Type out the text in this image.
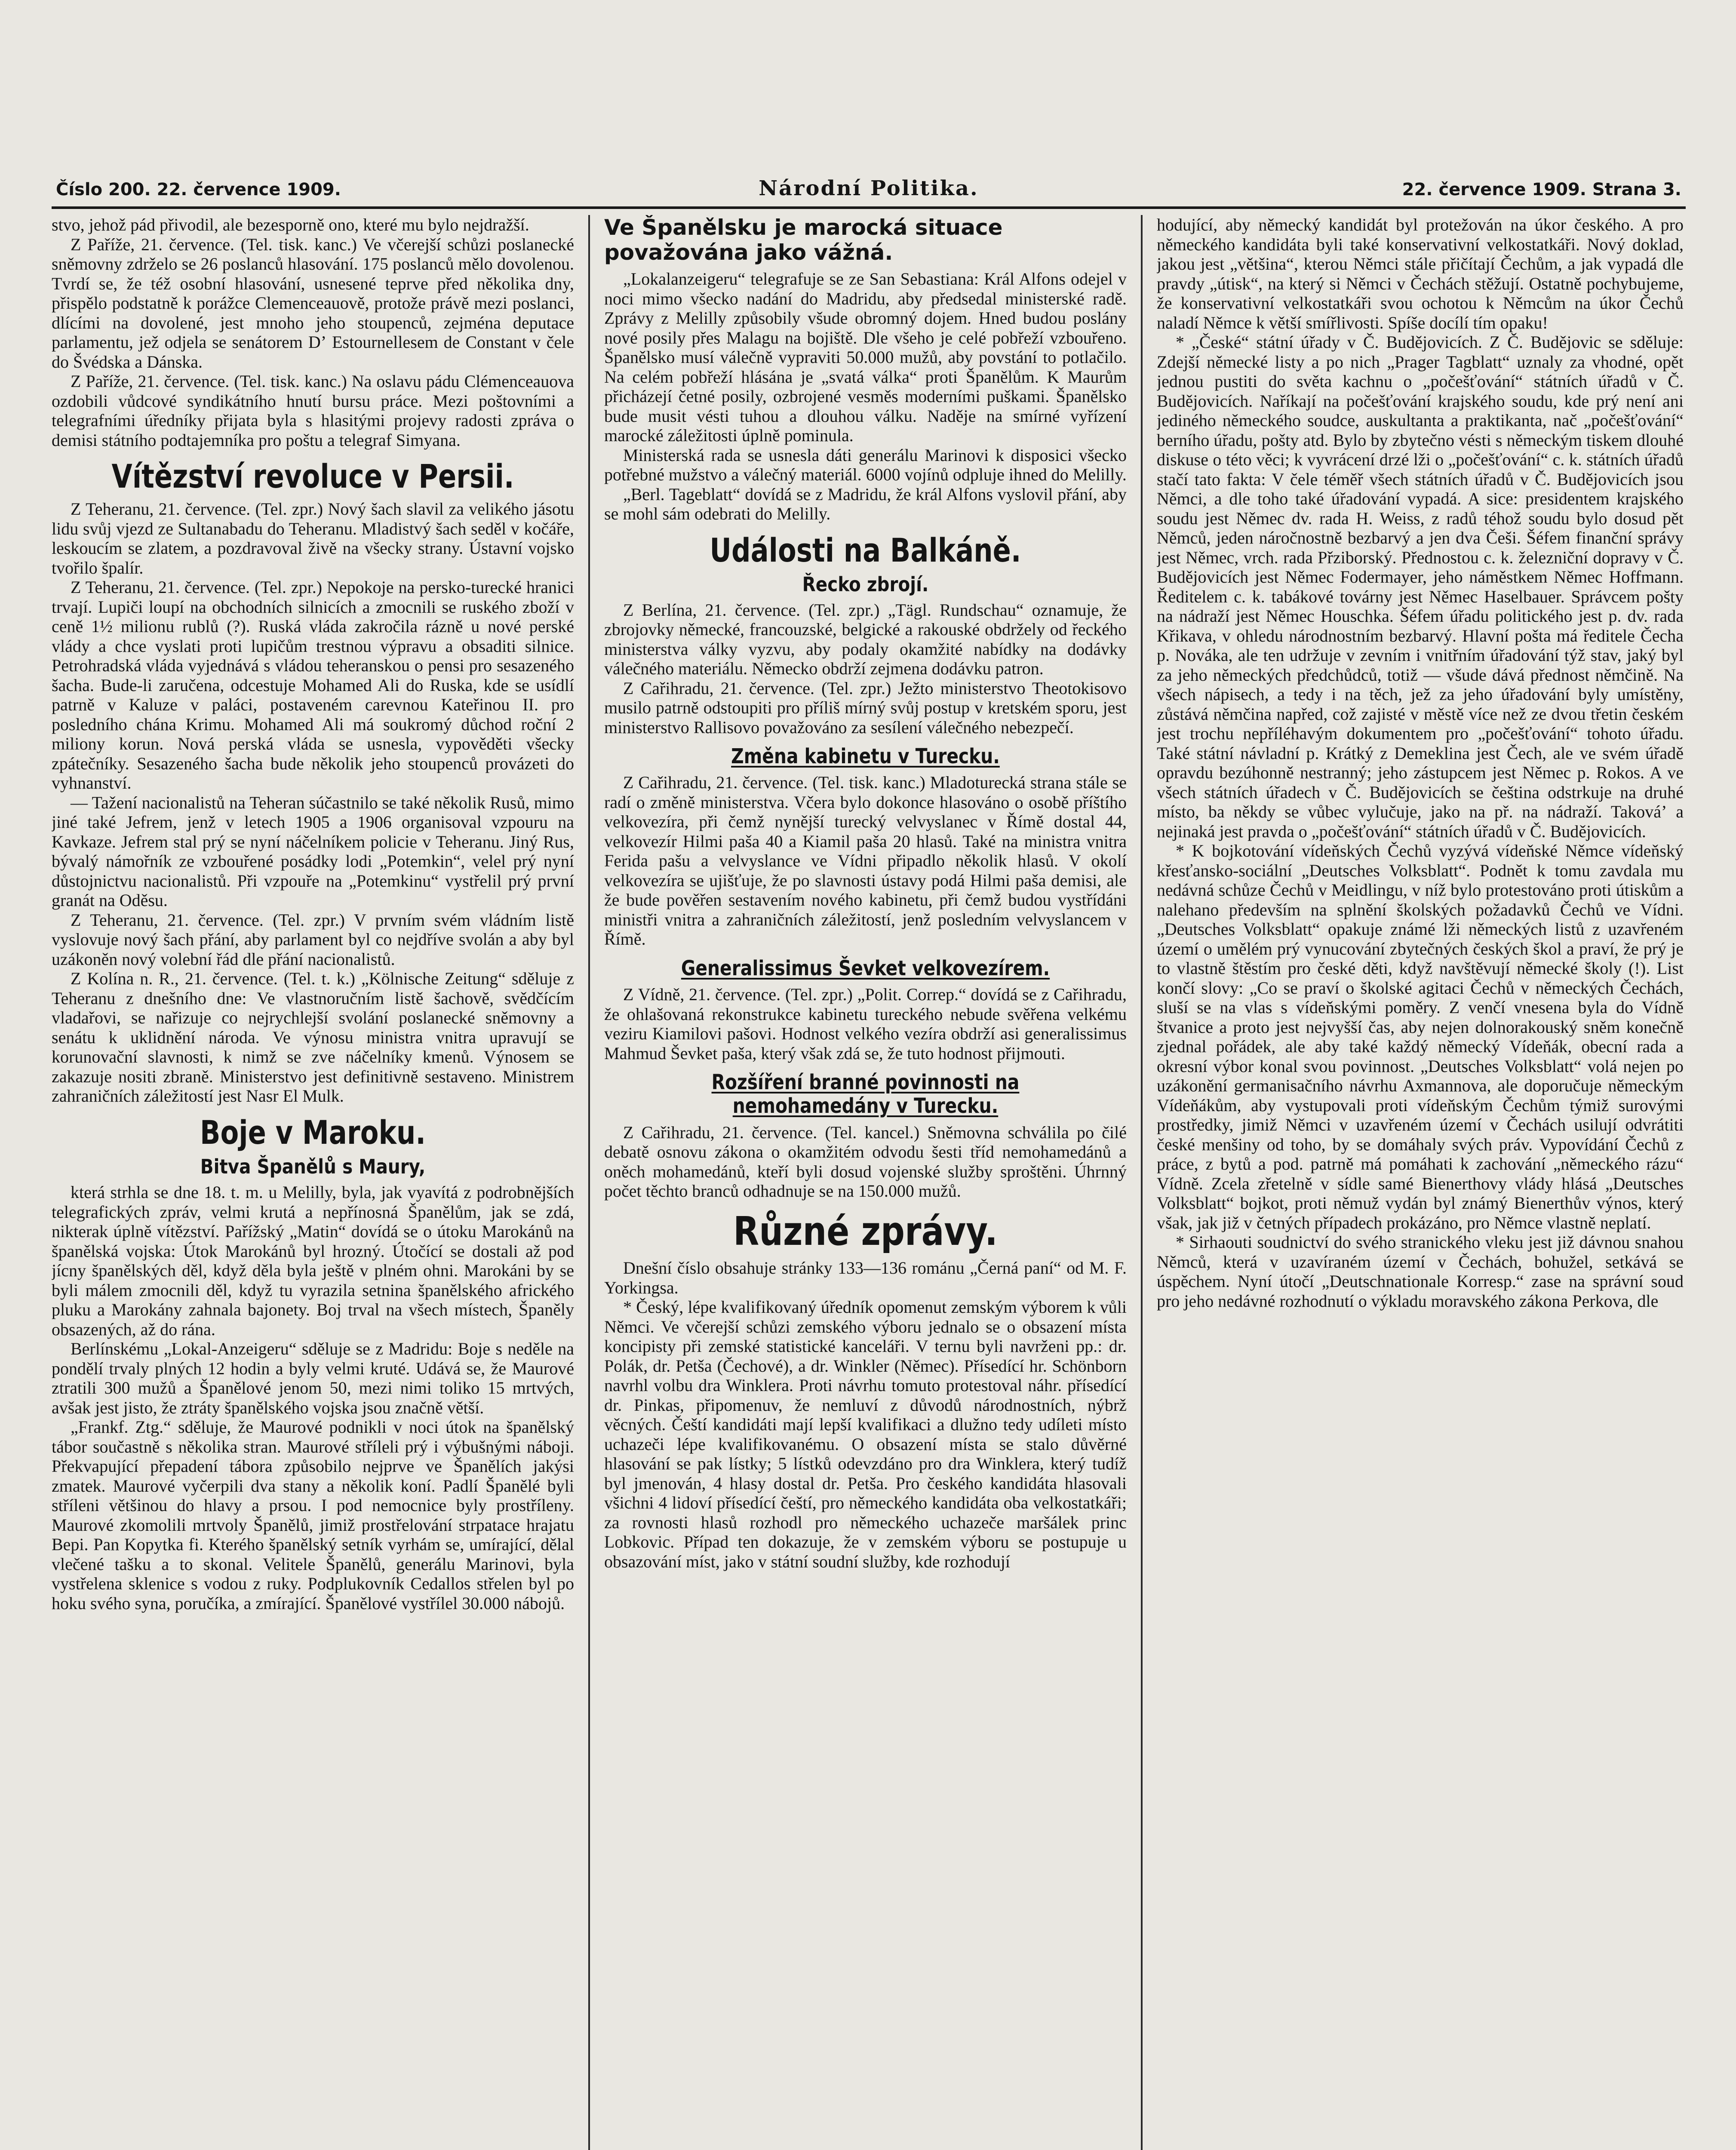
Číslo 200. 22. července 1909.	Národní Politika.	22. července 1909. Strana 3.

stvo, jehož pád přivodil, ale bezesporně ono, které mu bylo nejdražší.

Z Paříže, 21. července. (Tel. tisk. kanc.) Ve včerejší schůzi poslanecké sněmovny zdrželo se 26 poslanců hlasování. 175 poslanců mělo dovolenou. Tvrdí se, že též osobní hlasování, usnesené teprve před několika dny, přispělo podstatně k porážce Clemenceauově, protože právě mezi poslanci, dlícími na dovolené, jest mnoho jeho stoupenců, zejména deputace parlamentu, jež odjela se senátorem Dʼ Estournellesem de Constant v čele do Švédska a Dánska.

Z Paříže, 21. července. (Tel. tisk. kanc.) Na oslavu pádu Clémenceauova ozdobili vůdcové syndikátního hnutí bursu práce. Mezi poštovními a telegrafními úředníky přijata byla s hlasitými projevy radosti zpráva o demisi státního podtajemníka pro poštu a telegraf Simyana.

Vítězství revoluce v Persii.

Z Teheranu, 21. července. (Tel. zpr.) Nový šach slavil za velikého jásotu lidu svůj vjezd ze Sultanabadu do Teheranu. Mladistvý šach seděl v kočáře, leskoucím se zlatem, a pozdravoval živě na všecky strany. Ústavní vojsko tvořilo špalír.

Z Teheranu, 21. července. (Tel. zpr.) Nepokoje na persko-turecké hranici trvají. Lupiči loupí na obchodních silnicích a zmocnili se ruského zboží v ceně 1½ milionu rublů (?). Ruská vláda zakročila rázně u nové perské vlády a chce vyslati proti lupičům trestnou výpravu a obsaditi silnice. Petrohradská vláda vyjednává s vládou teheranskou o pensi pro sesazeného šacha. Bude-li zaručena, odcestuje Mohamed Ali do Ruska, kde se usídlí patrně v Kaluze v paláci, postaveném carevnou Kateřinou II. pro posledního chána Krimu. Mohamed Ali má soukromý důchod roční 2 miliony korun. Nová perská vláda se usnesla, vypověděti všecky zpátečníky. Sesazeného šacha bude několik jeho stoupenců provázeti do vyhnanství.

— Tažení nacionalistů na Teheran súčastnilo se také několik Rusů, mimo jiné také Jefrem, jenž v letech 1905 a 1906 organisoval vzpouru na Kavkaze. Jefrem stal prý se nyní náčelníkem policie v Teheranu. Jiný Rus, bývalý námořník ze vzbouřené posádky lodi „Potemkin“, velel prý nyní důstojnictvu nacionalistů. Při vzpouře na „Potemkinu“ vystřelil prý první granát na Oděsu.

Z Teheranu, 21. července. (Tel. zpr.) V prvním svém vládním listě vyslovuje nový šach přání, aby parlament byl co nejdříve svolán a aby byl uzákoněn nový volební řád dle přání nacionalistů.

Z Kolína n. R., 21. července. (Tel. t. k.) „Kölnische Zeitung“ sděluje z Teheranu z dnešního dne: Ve vlastnoručním listě šachově, svědčícím vladařovi, se nařizuje co nejrychlejší svolání poslanecké sněmovny a senátu k uklidnění národa. Ve výnosu ministra vnitra upravují se korunovační slavnosti, k nimž se zve náčelníky kmenů. Výnosem se zakazuje nositi zbraně. Ministerstvo jest definitivně sestaveno. Ministrem zahraničních záležitostí jest Nasr El Mulk.

Boje v Maroku.
Bitva Španělů s Maury,

která strhla se dne 18. t. m. u Melilly, byla, jak vyavítá z podrobnějších telegrafických zpráv, velmi krutá a nepřínosná Španělům, jak se zdá, nikterak úplně vítězství. Pařížský „Matin“ dovídá se o útoku Marokánů na španělská vojska: Útok Marokánů byl hrozný. Útočící se dostali až pod jícny španělských děl, když děla byla ještě v plném ohni. Marokáni by se byli málem zmocnili děl, když tu vyrazila setnina španělského afrického pluku a Marokány zahnala bajonety. Boj trval na všech místech, Španěly obsazených, až do rána.

Berlínskému „Lokal-Anzeigeru“ sděluje se z Madridu: Boje s neděle na pondělí trvaly plných 12 hodin a byly velmi kruté. Udává se, že Maurové ztratili 300 mužů a Španělové jenom 50, mezi nimi toliko 15 mrtvých, avšak jest jisto, že ztráty španělského vojska jsou značně větší.

„Frankf. Ztg.“ sděluje, že Maurové podnikli v noci útok na španělský tábor součastně s několika stran. Maurové stříleli prý i výbušnými náboji. Překvapující přepadení tábora způsobilo nejprve ve Španělích jakýsi zmatek. Maurové vyčerpili dva stany a několik koní. Padlí Španělé byli stříleni většinou do hlavy a prsou. I pod nemocnice byly prostříleny. Maurové zkomolili mrtvoly Španělů, jimiž prostřelování strpatace hrajatu Bepi. Pan Kopytka fi. Kterého španělský setník vyrhám se, umírající, dělal vlečené tašku a to skonal. Velitele Španělů, generálu Marinovi, byla vystřelena sklenice s vodou z ruky. Podplukovník Cedallos střelen byl po hoku svého syna, poručíka, a zmírající. Španělové vystřílel 30.000 nábojů.

Ve Španělsku je marocká situace považována jako vážná.

„Lokalanzeigeru“ telegrafuje se ze San Sebastiana: Král Alfons odejel v noci mimo všecko nadání do Madridu, aby předsedal ministerské radě. Zprávy z Melilly způsobily všude obromný dojem. Hned budou poslány nové posily přes Malagu na bojiště. Dle všeho je celé pobřeží vzbouřeno. Španělsko musí válečně vypraviti 50.000 mužů, aby povstání to potlačilo. Na celém pobřeží hlásána je „svatá válka“ proti Španělům. K Maurům přicházejí četné posily, ozbrojené vesměs moderními puškami. Španělsko bude musit vésti tuhou a dlouhou válku. Naděje na smírné vyřízení marocké záležitosti úplně pominula.

Ministerská rada se usnesla dáti generálu Marinovi k disposici všecko potřebné mužstvo a válečný materiál. 6000 vojínů odpluje ihned do Melilly.

„Berl. Tageblatt“ dovídá se z Madridu, že král Alfons vyslovil přání, aby se mohl sám odebrati do Melilly.

Události na Balkáně.
Řecko zbrojí.

Z Berlína, 21. července. (Tel. zpr.) „Tägl. Rundschau“ oznamuje, že zbrojovky německé, francouzské, belgické a rakouské obdržely od řeckého ministerstva války vyzvu, aby podaly okamžité nabídky na dodávky válečného materiálu. Německo obdrží zejmena dodávku patron.

Z Cařihradu, 21. července. (Tel. zpr.) Ježto ministerstvo Theotokisovo musilo patrně odstoupiti pro příliš mírný svůj postup v kretském sporu, jest ministerstvo Rallisovo považováno za sesílení válečného nebezpečí.

Změna kabinetu v Turecku.

Z Cařihradu, 21. července. (Tel. tisk. kanc.) Mladoturecká strana stále se radí o změně ministerstva. Včera bylo dokonce hlasováno o osobě příštího velkovezíra, při čemž nynější turecký velvyslanec v Římě dostal 44, velkovezír Hilmi paša 40 a Kiamil paša 20 hlasů. Také na ministra vnitra Ferida pašu a velvyslance ve Vídni připadlo několik hlasů. V okolí velkovezíra se ujišťuje, že po slavnosti ústavy podá Hilmi paša demisi, ale že bude pověřen sestavením nového kabinetu, při čemž budou vystřídáni ministři vnitra a zahraničních záležitostí, jenž posledním velvyslancem v Římě.

Generalissimus Ševket velkovezírem.

Z Vídně, 21. července. (Tel. zpr.) „Polit. Correp.“ dovídá se z Cařihradu, že ohlašovaná rekonstrukce kabinetu tureckého nebude svěřena velkému veziru Kiamilovi pašovi. Hodnost velkého vezíra obdrží asi generalissimus Mahmud Ševket paša, který však zdá se, že tuto hodnost přijmouti.

Rozšíření branné povinnosti na nemohamedány v Turecku.

Z Cařihradu, 21. července. (Tel. kancel.) Sněmovna schválila po čilé debatě osnovu zákona o okamžitém odvodu šesti tříd nemohamedánů a oněch mohamedánů, kteří byli dosud vojenské služby sproštěni. Úhrnný počet těchto branců odhadnuje se na 150.000 mužů.

Různé zprávy.

Dnešní číslo obsahuje stránky 133—136 románu „Černá paní“ od M. F. Yorkingsa.

* Český, lépe kvalifikovaný úředník opomenut zemským výborem k vůli Němci. Ve včerejší schůzi zemského výboru jednalo se o obsazení místa koncipisty při zemské statistické kanceláři. V ternu byli navrženi pp.: dr. Polák, dr. Petša (Čechové), a dr. Winkler (Němec). Přísedící hr. Schönborn navrhl volbu dra Winklera. Proti návrhu tomuto protestoval náhr. přísedící dr. Pinkas, připomenuv, že nemluví z důvodů národnostních, nýbrž věcných. Čeští kandidáti mají lepší kvalifikaci a dlužno tedy udíleti místo uchazeči lépe kvalifikovanému. O obsazení místa se stalo důvěrné hlasování se pak lístky; 5 lístků odevzdáno pro dra Winklera, který tudíž byl jmenován, 4 hlasy dostal dr. Petša. Pro českého kandidáta hlasovali všichni 4 lidoví přísedící čeští, pro německého kandidáta oba velkostatkáři; za rovnosti hlasů rozhodl pro německého uchazeče maršálek princ Lobkovic. Případ ten dokazuje, že v zemském výboru se postupuje u obsazování míst, jako v státní soudní služby, kde rozhodují

hodující, aby německý kandidát byl protežován na úkor českého. A pro německého kandidáta byli také konservativní velkostatkáři. Nový doklad, jakou jest „většina“, kterou Němci stále přičítají Čechům, a jak vypadá dle pravdy „útisk“, na který si Němci v Čechách stěžují. Ostatně pochybujeme, že konservativní velkostatkáři svou ochotou k Němcům na úkor Čechů naladí Němce k větší smířlivosti. Spíše docílí tím opaku!

* „České“ státní úřady v Č. Budějovicích. Z Č. Budějovic se sděluje: Zdejší německé listy a po nich „Prager Tagblatt“ uznaly za vhodné, opět jednou pustiti do světa kachnu o „počešťování“ státních úřadů v Č. Budějovicích. Naříkají na počešťování krajského soudu, kde prý není ani jediného německého soudce, auskultanta a praktikanta, nač „počešťování“ berního úřadu, pošty atd. Bylo by zbytečno vésti s německým tiskem dlouhé diskuse o této věci; k vyvrácení drzé lži o „počešťování“ c. k. státních úřadů stačí tato fakta: V čele téměř všech státních úřadů v Č. Budějovicích jsou Němci, a dle toho také úřadování vypadá. A sice: presidentem krajského soudu jest Němec dv. rada H. Weiss, z radů téhož soudu bylo dosud pět Němců, jeden náročnostně bezbarvý a jen dva Češi. Šéfem finanční správy jest Němec, vrch. rada Přziborský. Přednostou c. k. železniční dopravy v Č. Budějovicích jest Němec Fodermayer, jeho náměstkem Němec Hoffmann. Ředitelem c. k. tabákové továrny jest Němec Haselbauer. Správcem pošty na nádraží jest Němec Houschka. Šéfem úřadu politického jest p. dv. rada Křikava, v ohledu národnostním bezbarvý. Hlavní pošta má ředitele Čecha p. Nováka, ale ten udržuje v zevním i vnitřním úřadování týž stav, jaký byl za jeho německých předchůdců, totiž — všude dává přednost němčině. Na všech nápisech, a tedy i na těch, jež za jeho úřadování byly umístěny, zůstává němčina napřed, což zajisté v městě více než ze dvou třetin českém jest trochu nepříléhavým dokumentem pro „počešťování“ tohoto úřadu. Také státní návladní p. Krátký z Demeklina jest Čech, ale ve svém úřadě opravdu bezúhonně nestranný; jeho zástupcem jest Němec p. Rokos. A ve všech státních úřadech v Č. Budějovicích se čeština odstrkuje na druhé místo, ba někdy se vůbec vylučuje, jako na př. na nádraží. Takováʼ a nejinaká jest pravda o „počešťování“ státních úřadů v Č. Budějovicích.

* K bojkotování vídeňských Čechů vyzývá vídeňské Němce vídeňský křesťansko-sociální „Deutsches Volksblatt“. Podnět k tomu zavdala mu nedávná schůze Čechů v Meidlingu, v níž bylo protestováno proti útiskům a nalehano především na splnění školských požadavků Čechů ve Vídni. „Deutsches Volksblatt“ opakuje známé lži německých listů z uzavřeném území o umělém prý vynucování zbytečných českých škol a praví, že prý je to vlastně štěstím pro české děti, když navštěvují německé školy (!). List končí slovy: „Co se praví o školské agitaci Čechů v německých Čechách, sluší se na vlas s vídeňskými poměry. Z venčí vnesena byla do Vídně štvanice a proto jest nejvyšší čas, aby nejen dolnorakouský sněm konečně zjednal pořádek, ale aby také každý německý Vídeňák, obecní rada a okresní výbor konal svou povinnost. „Deutsches Volksblatt“ volá nejen po uzákonění germanisačního návrhu Axmannova, ale doporučuje německým Vídeňákům, aby vystupovali proti vídeňským Čechům týmiž surovými prostředky, jimiž Němci v uzavřeném území v Čechách usilují odvrátiti české menšiny od toho, by se domáhaly svých práv. Vypovídání Čechů z práce, z bytů a pod. patrně má pomáhati k zachování „německého rázu“ Vídně. Zcela zřetelně v sídle samé Bienerthovy vlády hlásá „Deutsches Volksblatt“ bojkot, proti němuž vydán byl známý Bienerthův výnos, který však, jak již v četných případech prokázáno, pro Němce vlastně neplatí.

* Sirhaouti soudnictví do svého stranického vleku jest již dávnou snahou Němců, která v uzavíraném území v Čechách, bohužel, setkává se úspěchem. Nyní útočí „Deutschnationale Korresp.“ zase na správní soud pro jeho nedávné rozhodnutí o výkladu moravského zákona Perkova, dle
